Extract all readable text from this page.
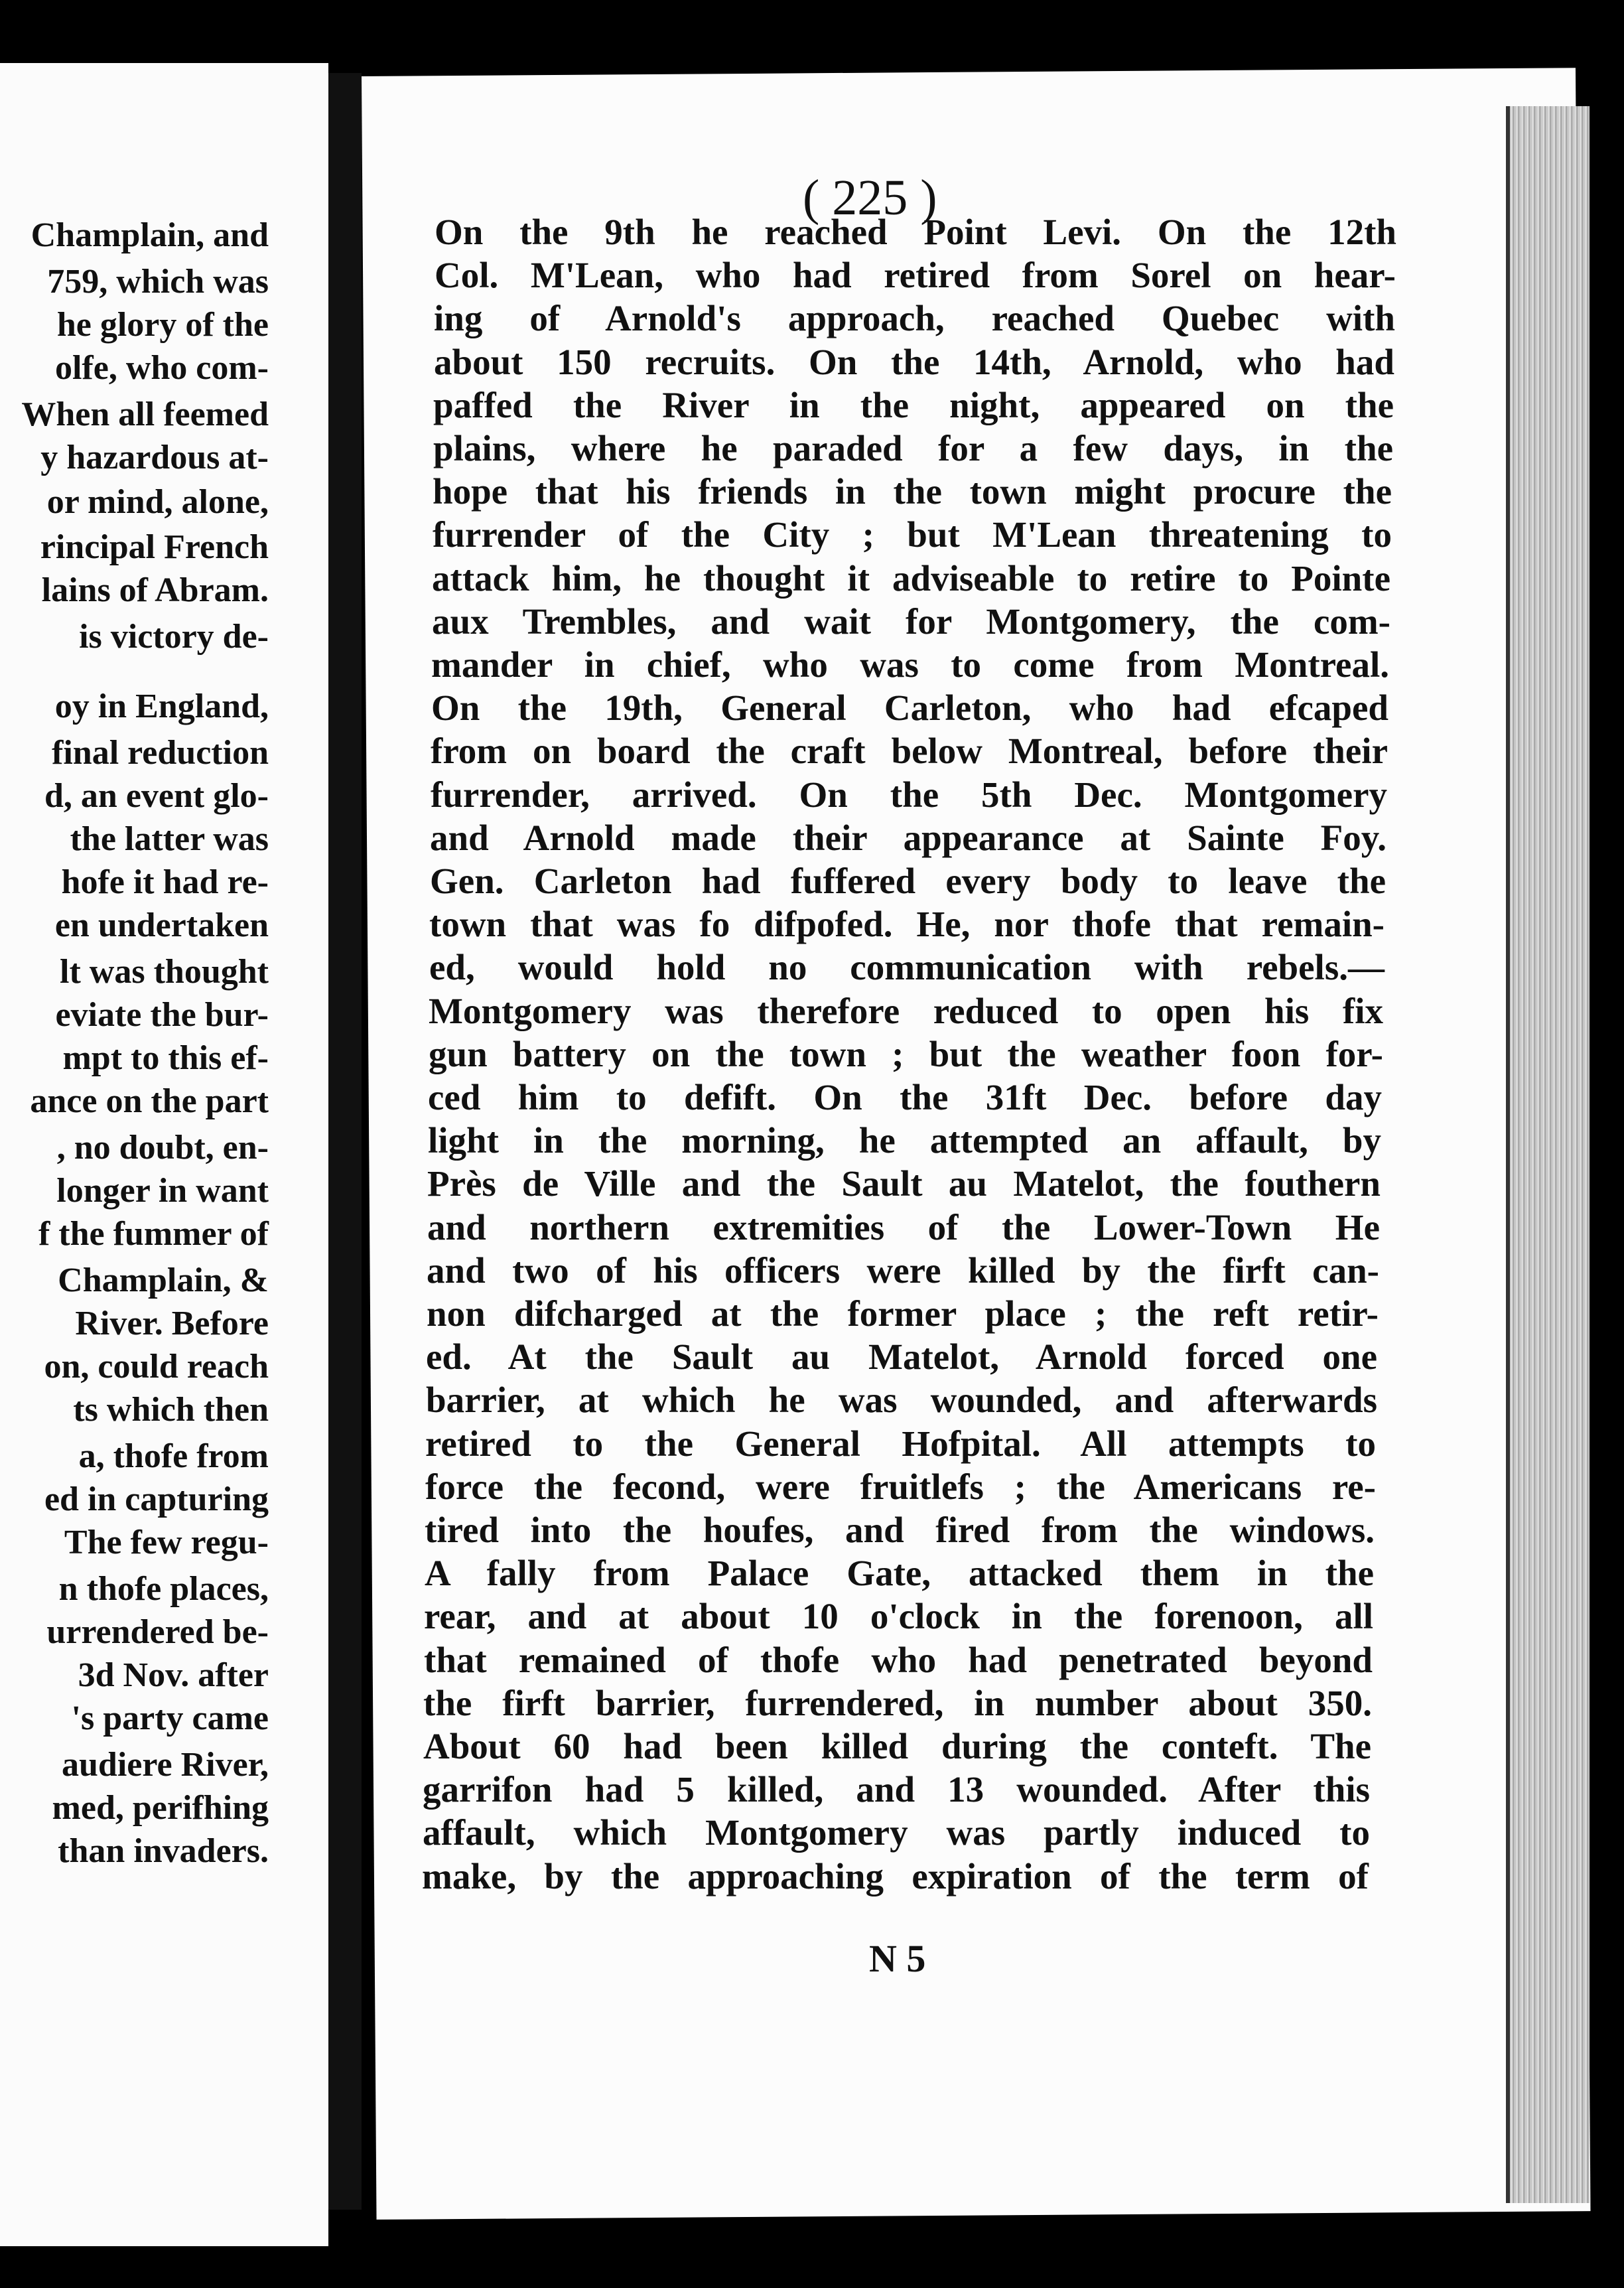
Champlain, and
759, which was
he glory of the
olfe, who com-
When all feemed
y hazardous at-
or mind, alone,
rincipal French
lains of Abram.
is victory de-
oy in England,
final reduction
d, an event glo-
the latter was
hofe it had re-
en undertaken
lt was thought
eviate the bur-
mpt to this ef-
ance on the part
, no doubt, en-
longer in want
f the fummer of
Champlain, &
River. Before
on, could reach
ts which then
a, thofe from
ed in capturing
The few regu-
n thofe places,
urrendered be-
3d Nov. after
's party came
audiere River,
med, perifhing
than invaders.
( 225 )
On the 9th he reached Point Levi. On the 12th
Col. M'Lean, who had retired from Sorel on hear-
ing of Arnold's approach, reached Quebec with
about 150 recruits. On the 14th, Arnold, who had
paffed the River in the night, appeared on the
plains, where he paraded for a few days, in the
hope that his friends in the town might procure the
furrender of the City ; but M'Lean threatening to
attack him, he thought it adviseable to retire to Pointe
aux Trembles, and wait for Montgomery, the com-
mander in chief, who was to come from Montreal.
On the 19th, General Carleton, who had efcaped
from on board the craft below Montreal, before their
furrender, arrived. On the 5th Dec. Montgomery
and Arnold made their appearance at Sainte Foy.
Gen. Carleton had fuffered every body to leave the
town that was fo difpofed. He, nor thofe that remain-
ed, would hold no communication with rebels.—
Montgomery was therefore reduced to open his fix
gun battery on the town ; but the weather foon for-
ced him to defift. On the 31ft Dec. before day
light in the morning, he attempted an affault, by
Près de Ville and the Sault au Matelot, the fouthern
and northern extremities of the Lower-Town He
and two of his officers were killed by the firft can-
non difcharged at the former place ; the reft retir-
ed. At the Sault au Matelot, Arnold forced one
barrier, at which he was wounded, and afterwards
retired to the General Hofpital. All attempts to
force the fecond, were fruitlefs ; the Americans re-
tired into the houfes, and fired from the windows.
A fally from Palace Gate, attacked them in the
rear, and at about 10 o'clock in the forenoon, all
that remained of thofe who had penetrated beyond
the firft barrier, furrendered, in number about 350.
About 60 had been killed during the conteft. The
garrifon had 5 killed, and 13 wounded. After this
affault, which Montgomery was partly induced to
make, by the approaching expiration of the term of
N 5
